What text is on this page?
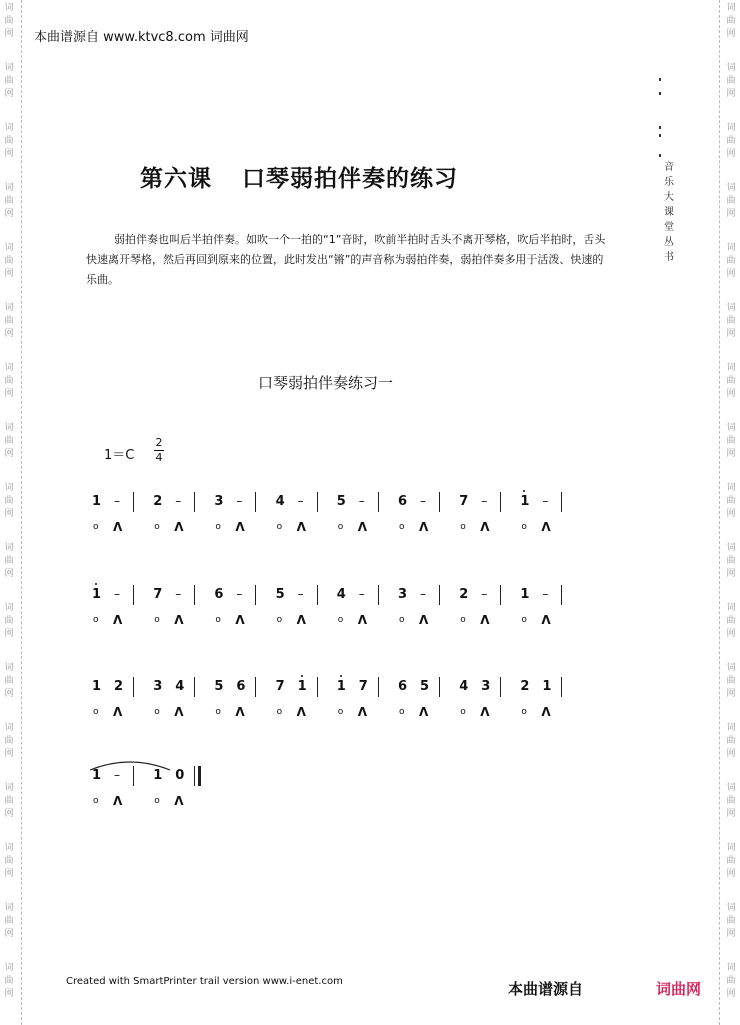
词
曲
网
词
曲
网
词
曲
网
词
曲
网
词
曲
网
词
曲
网
词
曲
网
词
曲
网
词
曲
网
词
曲
网
词
曲
网
词
曲
网
词
曲
网
词
曲
网
词
曲
网
词
曲
网
词
曲
网
词
曲
网
词
曲
网
词
曲
网
词
曲
网
词
曲
网
词
曲
网
词
曲
网
词
曲
网
词
曲
网
词
曲
网
词
曲
网
词
曲
网
词
曲
网
词
曲
网
词
曲
网
词
曲
网
词
曲
网
本曲谱源自 www.ktvc8.com 词曲网
第六课 口琴弱拍伴奏的练习	音
乐
大
课
堂
丛
书
弱拍伴奏也叫后半拍伴奏。如吹一个一拍的“1”音时，吹前半拍时舌头不离开琴格，吹后半拍时，舌头快速离开琴格，然后再回到原来的位置，此时发出“锵”的声音称为弱拍伴奏，弱拍伴奏多用于活泼、快速的乐曲。
口琴弱拍伴奏练习一
1＝C
2
4
1
o
–
Λ
2
o
–
Λ
3
o
–
Λ
4
o
–
Λ
5
o
–
Λ
6
o
–
Λ
7
o
–
Λ
1
o
–
Λ
1
o
–
Λ
7
o
–
Λ
6
o
–
Λ
5
o
–
Λ
4
o
–
Λ
3
o
–
Λ
2
o
–
Λ
1
o
–
Λ
1
o
2
Λ
3
o
4
Λ
5
o
6
Λ
7
o
1
Λ
1
o
7
Λ
6
o
5
Λ
4
o
3
Λ
2
o
1
Λ
1
o
–
Λ
1
o
0
Λ
Created with SmartPrinter trail version www.i-enet.com	本曲谱源自	词曲网
